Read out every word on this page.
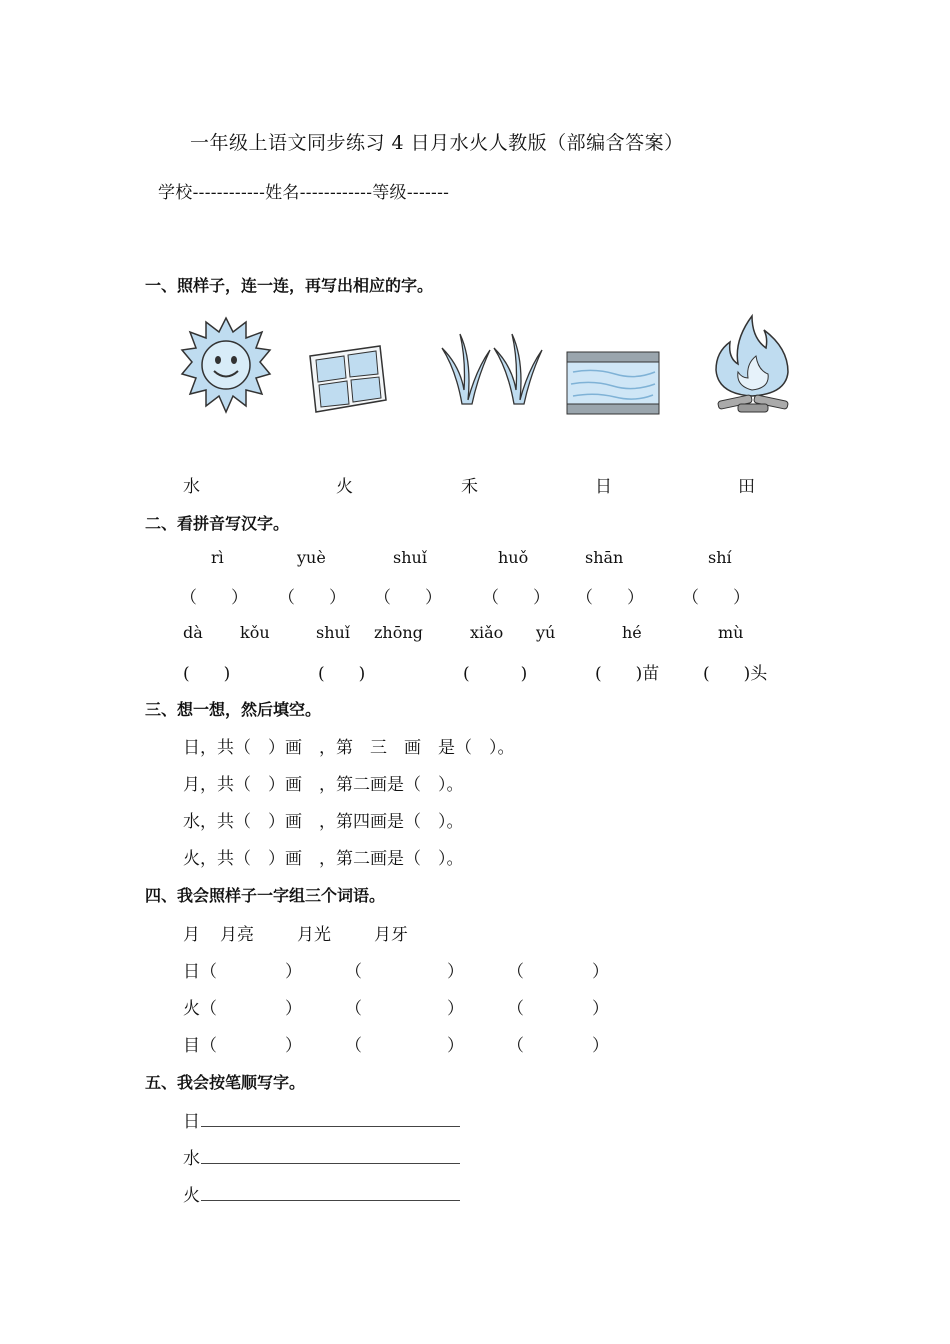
一年级上语文同步练习 4 日月水火人教版（部编含答案）
学校------------姓名------------等级-------
一、照样子，连一连，再写出相应的字。
水	火	禾	日	田
二、看拼音写汉字。
rì	yuè	shuǐ	huǒ	shān	shí
（　　） （　　） （　　） （　　） （　　） （　　）
dà kǒu	shuǐ zhōng	xiǎo yú	hé	mù
(　　)	(　　)	(　　　)	(　　)苗	(　　)头
三、想一想，然后填空。
日，共（　）画　，第　三　画　是（　）。
月，共（　）画　，第二画是（　）。
水，共（　）画　，第四画是（　）。
火，共（　）画　，第二画是（　）。
四、我会照样子一字组三个词语。
月 月亮	月光	月牙
日 （　　　　）	（　　　　　）	（　　　　）
火 （　　　　）	（　　　　　）	（　　　　）
目 （　　　　）	（　　　　　）	（　　　　）
五、我会按笔顺写字。
日
水
火
